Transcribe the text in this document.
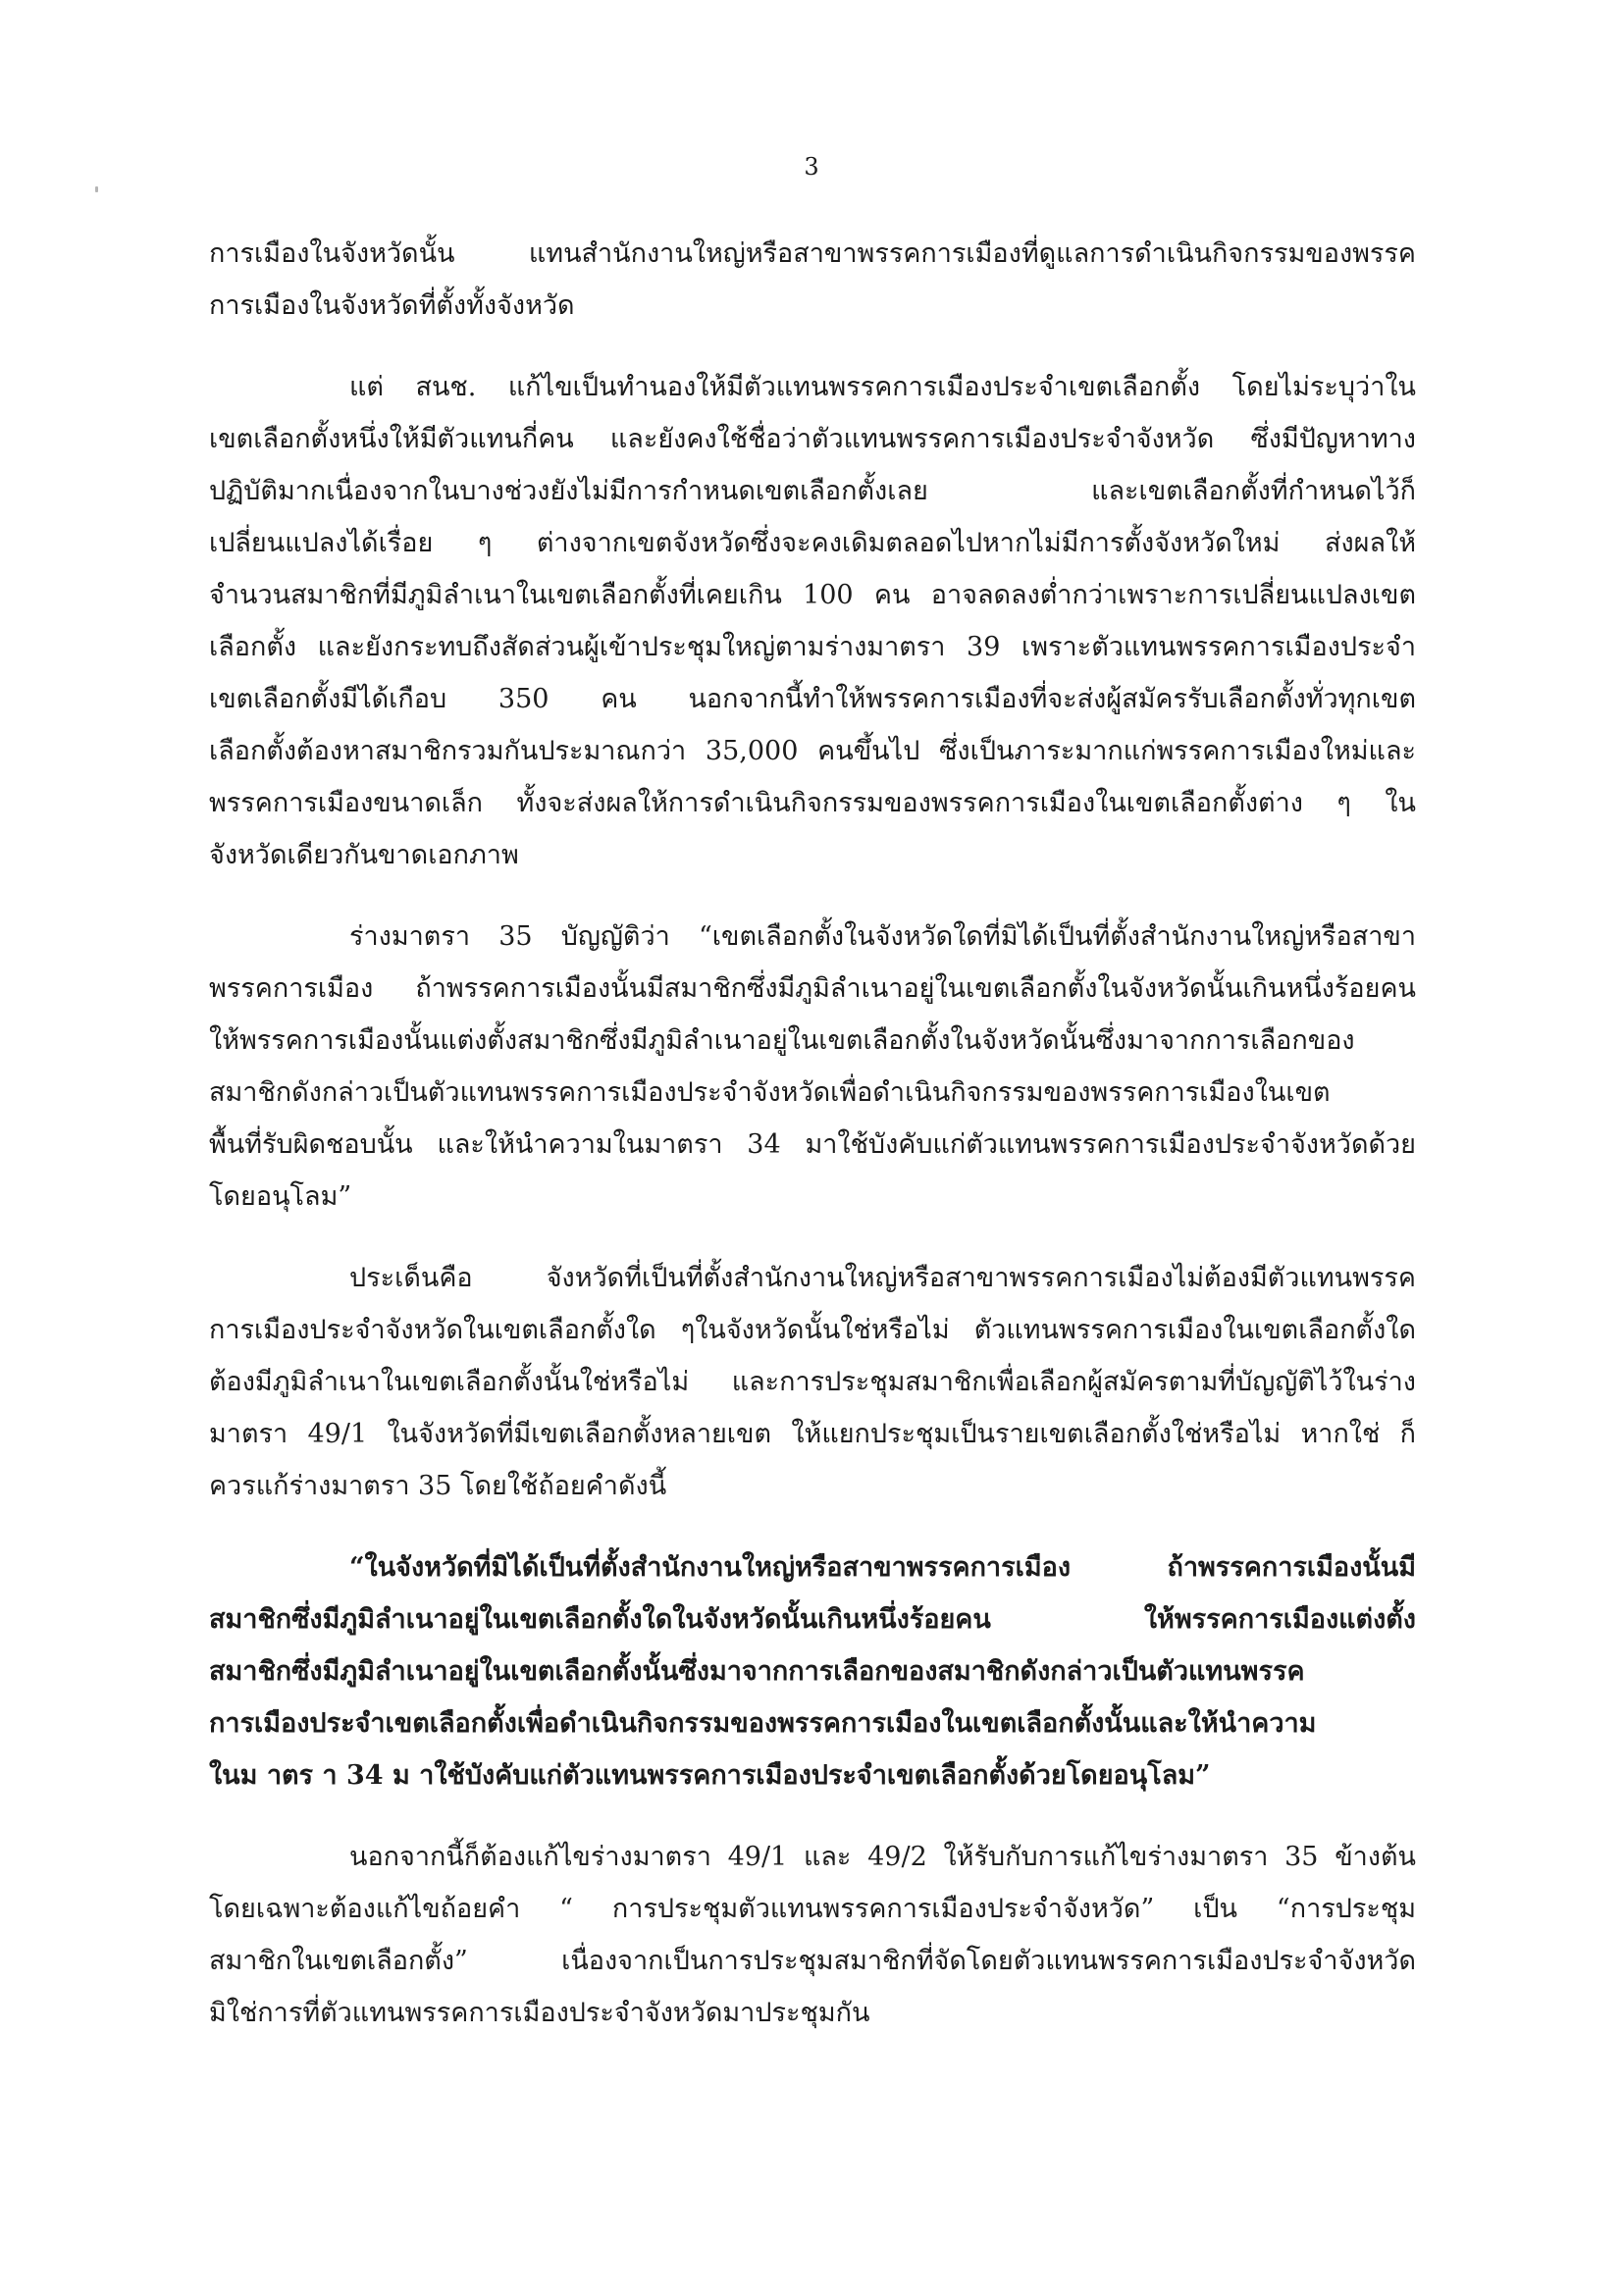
3
การเมืองในจังหวัดนั้น แทนสำนักงานใหญ่หรือสาขาพรรคการเมืองที่ดูแลการดำเนินกิจกรรมของพรรค
การเมืองในจังหวัดที่ตั้งทั้งจังหวัด
แต่ สนช. แก้ไขเป็นทำนองให้มีตัวแทนพรรคการเมืองประจำเขตเลือกตั้ง โดยไม่ระบุว่าใน
เขตเลือกตั้งหนึ่งให้มีตัวแทนกี่คน และยังคงใช้ชื่อว่าตัวแทนพรรคการเมืองประจำจังหวัด ซึ่งมีปัญหาทาง
ปฏิบัติมากเนื่องจากในบางช่วงยังไม่มีการกำหนดเขตเลือกตั้งเลย และเขตเลือกตั้งที่กำหนดไว้ก็
เปลี่ยนแปลงได้เรื่อย ๆ ต่างจากเขตจังหวัดซึ่งจะคงเดิมตลอดไปหากไม่มีการตั้งจังหวัดใหม่ ส่งผลให้
จำนวนสมาชิกที่มีภูมิลำเนาในเขตเลือกตั้งที่เคยเกิน 100 คน อาจลดลงต่ำกว่าเพราะการเปลี่ยนแปลงเขต
เลือกตั้ง และยังกระทบถึงสัดส่วนผู้เข้าประชุมใหญ่ตามร่างมาตรา 39 เพราะตัวแทนพรรคการเมืองประจำ
เขตเลือกตั้งมีได้เกือบ 350 คน นอกจากนี้ทำให้พรรคการเมืองที่จะส่งผู้สมัครรับเลือกตั้งทั่วทุกเขต
เลือกตั้งต้องหาสมาชิกรวมกันประมาณกว่า 35,000 คนขึ้นไป ซึ่งเป็นภาระมากแก่พรรคการเมืองใหม่และ
พรรคการเมืองขนาดเล็ก ทั้งจะส่งผลให้การดำเนินกิจกรรมของพรรคการเมืองในเขตเลือกตั้งต่าง ๆ ใน
จังหวัดเดียวกันขาดเอกภาพ
ร่างมาตรา 35 บัญญัติว่า “เขตเลือกตั้งในจังหวัดใดที่มิได้เป็นที่ตั้งสำนักงานใหญ่หรือสาขา
พรรคการเมือง ถ้าพรรคการเมืองนั้นมีสมาชิกซึ่งมีภูมิลำเนาอยู่ในเขตเลือกตั้งในจังหวัดนั้นเกินหนึ่งร้อยคน
ให้พรรคการเมืองนั้นแต่งตั้งสมาชิกซึ่งมีภูมิลำเนาอยู่ในเขตเลือกตั้งในจังหวัดนั้นซึ่งมาจากการเลือกของ
สมาชิกดังกล่าวเป็นตัวแทนพรรคการเมืองประจำจังหวัดเพื่อดำเนินกิจกรรมของพรรคการเมืองในเขต
พื้นที่รับผิดชอบนั้น และให้นำความในมาตรา 34 มาใช้บังคับแก่ตัวแทนพรรคการเมืองประจำจังหวัดด้วย
โดยอนุโลม”
ประเด็นคือ จังหวัดที่เป็นที่ตั้งสำนักงานใหญ่หรือสาขาพรรคการเมืองไม่ต้องมีตัวแทนพรรค
การเมืองประจำจังหวัดในเขตเลือกตั้งใด ๆในจังหวัดนั้นใช่หรือไม่ ตัวแทนพรรคการเมืองในเขตเลือกตั้งใด
ต้องมีภูมิลำเนาในเขตเลือกตั้งนั้นใช่หรือไม่ และการประชุมสมาชิกเพื่อเลือกผู้สมัครตามที่บัญญัติไว้ในร่าง
มาตรา 49/1 ในจังหวัดที่มีเขตเลือกตั้งหลายเขต ให้แยกประชุมเป็นรายเขตเลือกตั้งใช่หรือไม่ หากใช่ ก็
ควรแก้ร่างมาตรา 35 โดยใช้ถ้อยคำดังนี้
“ในจังหวัดที่มิได้เป็นที่ตั้งสำนักงานใหญ่หรือสาขาพรรคการเมือง ถ้าพรรคการเมืองนั้นมี
สมาชิกซึ่งมีภูมิลำเนาอยู่ในเขตเลือกตั้งใดในจังหวัดนั้นเกินหนึ่งร้อยคน ให้พรรคการเมืองแต่งตั้ง
สมาชิกซึ่งมีภูมิลำเนาอยู่ในเขตเลือกตั้งนั้นซึ่งมาจากการเลือกของสมาชิกดังกล่าวเป็นตัวแทนพรรค
การเมืองประจำเขตเลือกตั้งเพื่อดำเนินกิจกรรมของพรรคการเมืองในเขตเลือกตั้งนั้นและให้นำความ
ในม าตร า 34 ม าใช้บังคับแก่ตัวแทนพรรคการเมืองประจำเขตเลือกตั้งด้วยโดยอนุโลม”
นอกจากนี้ก็ต้องแก้ไขร่างมาตรา 49/1 และ 49/2 ให้รับกับการแก้ไขร่างมาตรา 35 ข้างต้น
โดยเฉพาะต้องแก้ไขถ้อยคำ “ การประชุมตัวแทนพรรคการเมืองประจำจังหวัด” เป็น “การประชุม
สมาชิกในเขตเลือกตั้ง” เนื่องจากเป็นการประชุมสมาชิกที่จัดโดยตัวแทนพรรคการเมืองประจำจังหวัด
มิใช่การที่ตัวแทนพรรคการเมืองประจำจังหวัดมาประชุมกัน
